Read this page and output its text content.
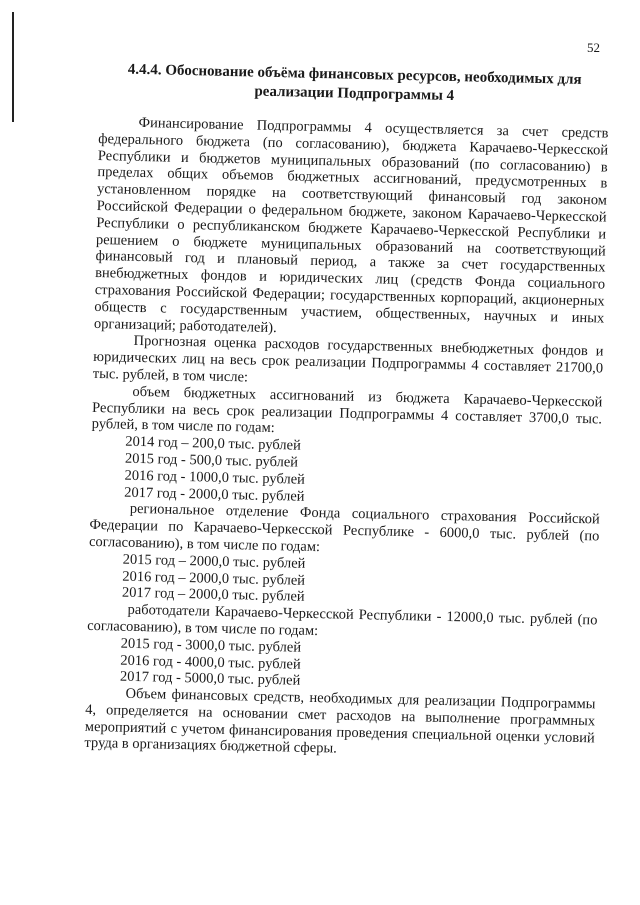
52
4.4.4. Обоснование объёма финансовых ресурсов, необходимых для
реализации Подпрограммы 4

Финансирование Подпрограммы 4 осуществляется за счет средств федерального бюджета (по согласованию), бюджета Карачаево-Черкесской Республики и бюджетов муниципальных образований (по согласованию) в пределах общих объемов бюджетных ассигнований, предусмотренных в установленном порядке на соответствующий финансовый год законом Российской Федерации о федеральном бюджете, законом Карачаево-Черкесской Республики о республиканском бюджете Карачаево-Черкесской Республики и решением о бюджете муниципальных образований на соответствующий финансовый год и плановый период, а также за счет государственных внебюджетных фондов и юридических лиц (средств Фонда социального страхования Российской Федерации; государственных корпораций, акционерных обществ с государственным участием, общественных, научных и иных организаций; работодателей).

Прогнозная оценка расходов государственных внебюджетных фондов и юридических лиц на весь срок реализации Подпрограммы 4 составляет 21700,0 тыс. рублей, в том числе:

объем бюджетных ассигнований из бюджета Карачаево-Черкесской Республики на весь срок реализации Подпрограммы 4 составляет 3700,0 тыс. рублей, в том числе по годам:

2014 год – 200,0 тыс. рублей
2015 год - 500,0 тыс. рублей
2016 год - 1000,0 тыс. рублей
2017 год - 2000,0 тыс. рублей

региональное отделение Фонда социального страхования Российской Федерации по Карачаево-Черкесской Республике - 6000,0 тыс. рублей (по согласованию), в том числе по годам:

2015 год – 2000,0 тыс. рублей
2016 год – 2000,0 тыс. рублей
2017 год – 2000,0 тыс. рублей

работодатели Карачаево-Черкесской Республики - 12000,0 тыс. рублей (по согласованию), в том числе по годам:

2015 год - 3000,0 тыс. рублей
2016 год - 4000,0 тыс. рублей
2017 год - 5000,0 тыс. рублей

Объем финансовых средств, необходимых для реализации Подпрограммы 4, определяется на основании смет расходов на выполнение программных мероприятий с учетом финансирования проведения специальной оценки условий труда в организациях бюджетной сферы.
